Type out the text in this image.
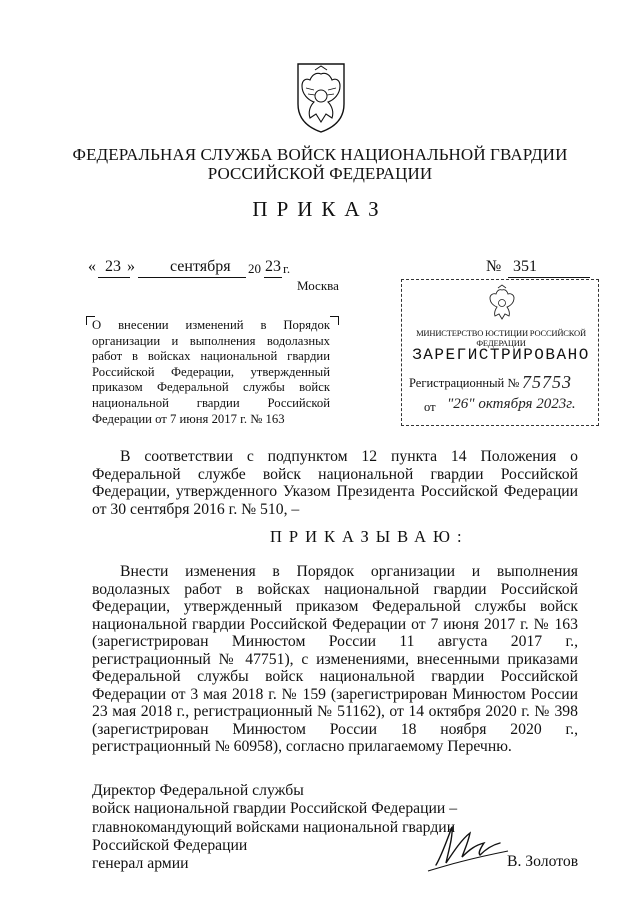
ФЕДЕРАЛЬНАЯ СЛУЖБА ВОЙСК НАЦИОНАЛЬНОЙ ГВАРДИИ
РОССИЙСКОЙ ФЕДЕРАЦИИ
ПРИКАЗ
« 23 » сентября 20 23 г.	№ 351
Москва
МИНИСТЕРСТВО ЮСТИЦИИ РОССИЙСКОЙ ФЕДЕРАЦИИ
ЗАРЕГИСТРИРОВАНО
Регистрационный № 75753
от "26" октября 2023г.
О внесении изменений в Порядок организации и выполнения водолазных работ в войсках национальной гвардии Российской Федерации, утвержденный приказом Федеральной службы войск национальной гвардии Российской Федерации от 7 июня 2017 г. № 163
В соответствии с подпунктом 12 пункта 14 Положения о Федеральной службе войск национальной гвардии Российской Федерации, утвержденного Указом Президента Российской Федерации от 30 сентября 2016 г. № 510, –
ПРИКАЗЫВАЮ:
Внести изменения в Порядок организации и выполнения водолазных работ в войсках национальной гвардии Российской Федерации, утвержденный приказом Федеральной службы войск национальной гвардии Российской Федерации от 7 июня 2017 г. № 163 (зарегистрирован Минюстом России 11 августа 2017 г., регистрационный № 47751), с изменениями, внесенными приказами Федеральной службы войск национальной гвардии Российской Федерации от 3 мая 2018 г. № 159 (зарегистрирован Минюстом России 23 мая 2018 г., регистрационный № 51162), от 14 октября 2020 г. № 398 (зарегистрирован Минюстом России 18 ноября 2020 г., регистрационный № 60958), согласно прилагаемому Перечню.
Директор Федеральной службы
войск национальной гвардии Российской Федерации –
главнокомандующий войсками национальной гвардии
Российской Федерации
генерал армии	В. Золотов
